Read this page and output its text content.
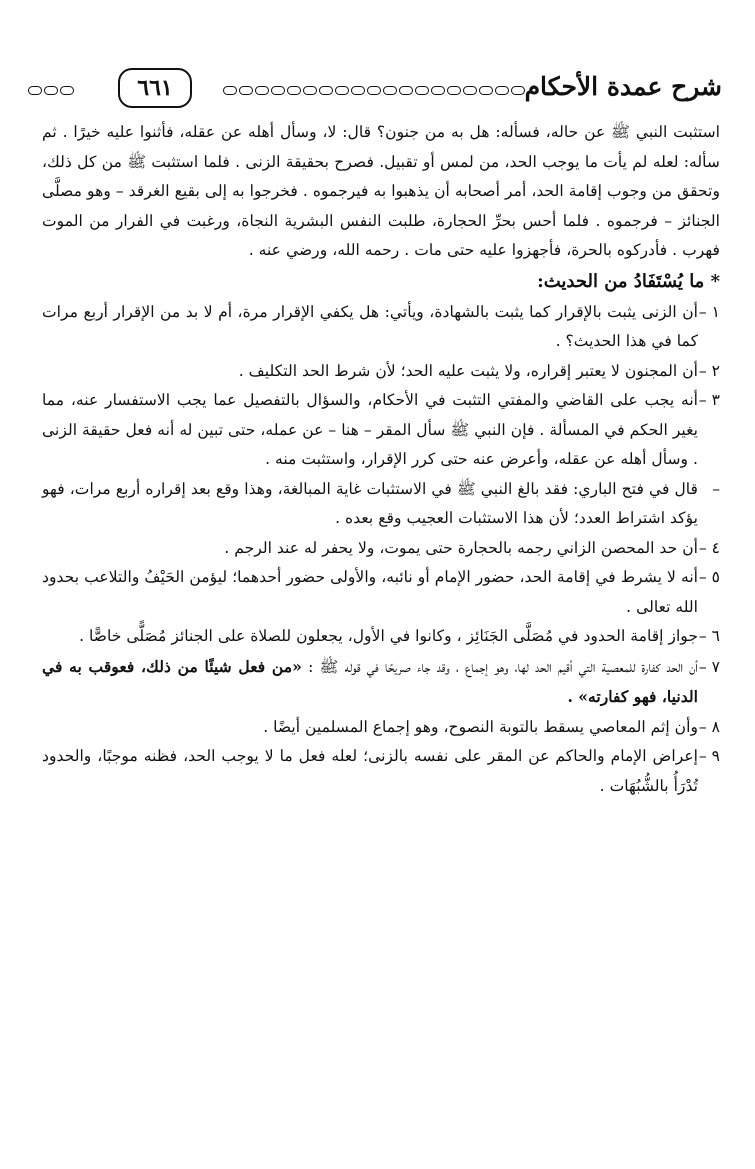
شرح عمدة الأحكام
٦٦١

استثبت النبي ﷺ عن حاله، فسأله: هل به من جنون؟ قال: لا، وسأل أهله عن عقله، فأثنوا عليه خيرًا . ثم سأله: لعله لم يأت ما يوجب الحد، من لمس أو تقبيل. فصرح بحقيقة الزنى . فلما استثبت ﷺ من كل ذلك، وتحقق من وجوب إقامة الحد، أمر أصحابه أن يذهبوا به فيرجموه . فخرجوا به إلى بقيع الغرقد – وهو مصلَّى الجنائز – فرجموه . فلما أحس بحرِّ الحجارة، طلبت النفس البشرية النجاة، ورغبت في الفرار من الموت فهرب . فأدركوه بالحرة، فأجهزوا عليه حتى مات . رحمه الله، ورضي عنه .

* ما يُسْتَفَادُ من الحديث:

١ –أن الزنى يثبت بالإقرار كما يثبت بالشهادة، ويأتي: هل يكفي الإقرار مرة، أم لا بد من الإقرار أربع مرات كما في هذا الحديث؟ .

٢ –أن المجنون لا يعتبر إقراره، ولا يثبت عليه الحد؛ لأن شرط الحد التكليف .

٣ –أنه يجب على القاضي والمفتي التثبت في الأحكام، والسؤال بالتفصيل عما يجب الاستفسار عنه، مما يغير الحكم في المسألة . فإن النبي ﷺ سأل المقر – هنا – عن عمله، حتى تبين له أنه فعل حقيقة الزنى . وسأل أهله عن عقله، وأعرض عنه حتى كرر الإقرار، واستثبت منه .

–قال في فتح الباري: فقد بالغ النبي ﷺ في الاستثبات غاية المبالغة، وهذا وقع بعد إقراره أربع مرات، فهو يؤكد اشتراط العدد؛ لأن هذا الاستثبات العجيب وقع بعده .

٤ –أن حد المحصن الزاني رجمه بالحجارة حتى يموت، ولا يحفر له عند الرجم .

٥ –أنه لا يشرط في إقامة الحد، حضور الإمام أو نائبه، والأولى حضور أحدهما؛ ليؤمن الحَيْفُ والتلاعب بحدود الله تعالى .

٦ –جواز إقامة الحدود في مُصَلَّى الجَنَائِز ، وكانوا في الأول، يجعلون للصلاة على الجنائز مُصَلًّى خاصًّا .

٧ –أن الحد كفارة للمعصية التي أقيم الحد لها، وهو إجماع ، وقد جاء صريحًا في قوله ﷺ : «من فعل شيئًا من ذلك، فعوقب به في الدنيا، فهو كفارته» .

٨ –وأن إثم المعاصي يسقط بالتوبة النصوح، وهو إجماع المسلمين أيضًا .

٩ –إعراض الإمام والحاكم عن المقر على نفسه بالزنى؛ لعله فعل ما لا يوجب الحد، فظنه موجبًا، والحدود تُدْرَأُ بالشُّبُهَات .
